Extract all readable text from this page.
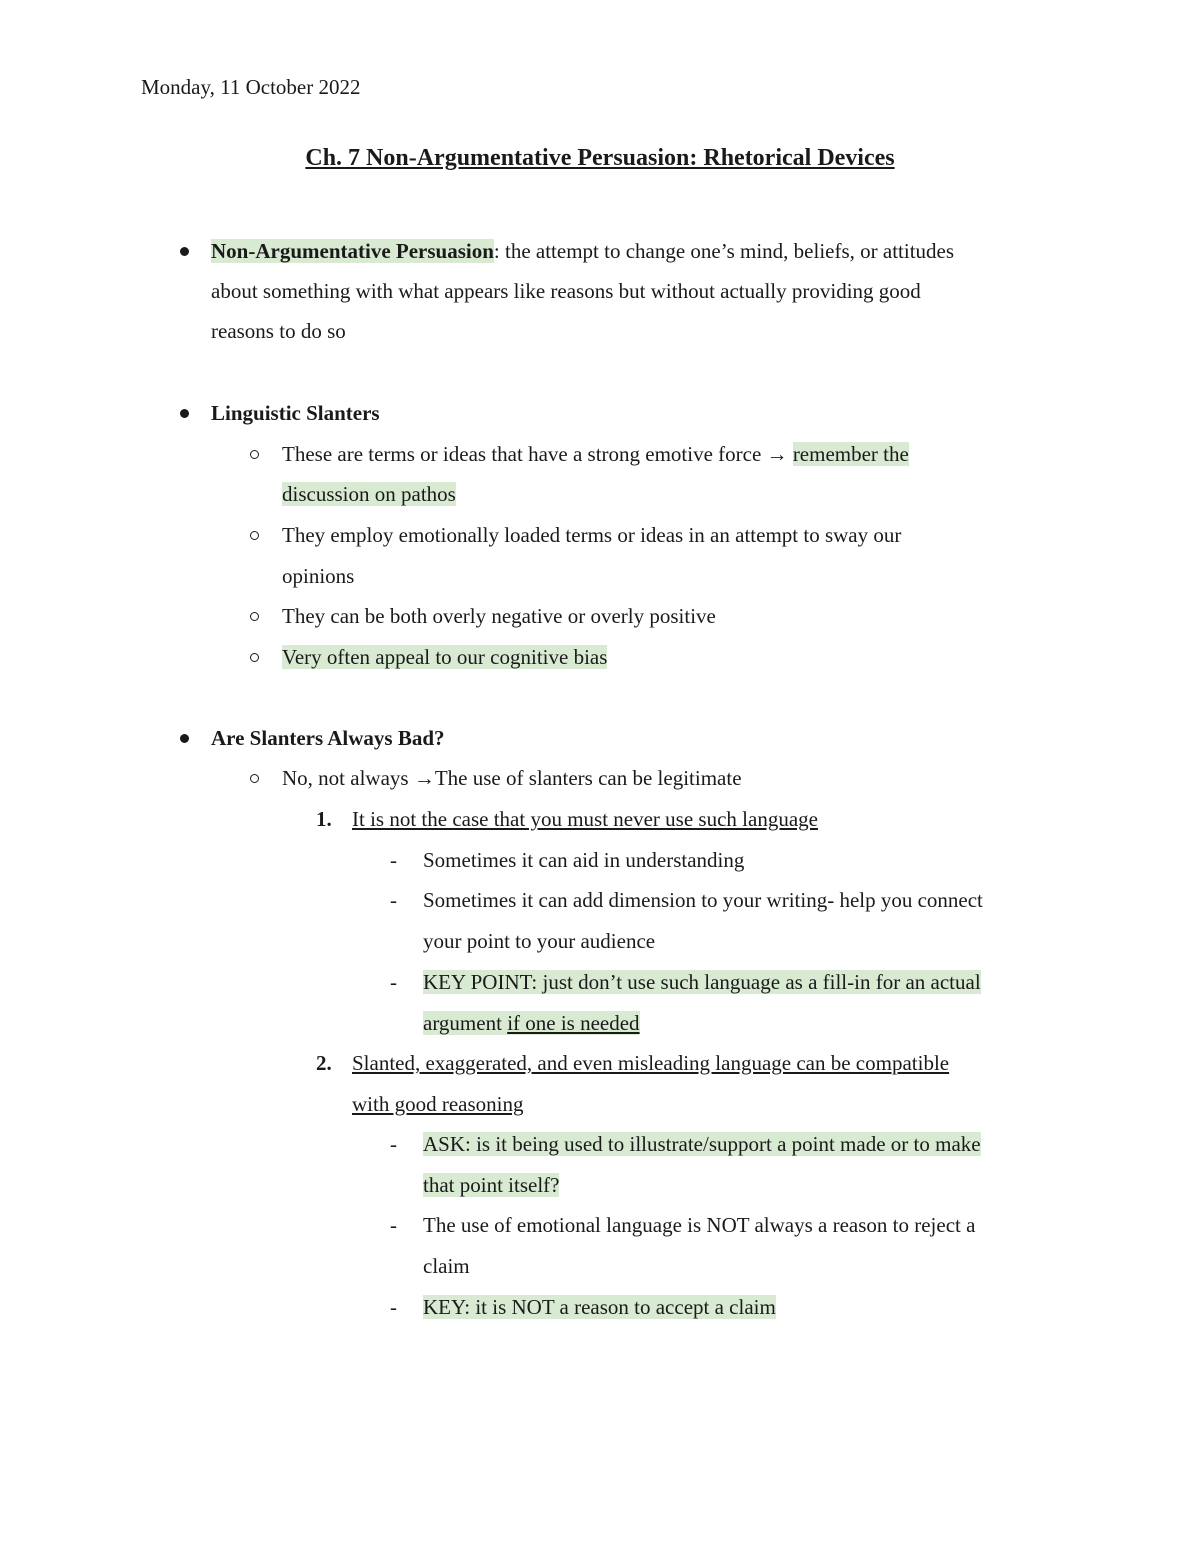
Monday, 11 October 2022
Ch. 7 Non-Argumentative Persuasion: Rhetorical Devices
Non-Argumentative Persuasion: the attempt to change one’s mind, beliefs, or attitudes
about something with what appears like reasons but without actually providing good
reasons to do so
Linguistic Slanters
These are terms or ideas that have a strong emotive force → remember the
discussion on pathos
They employ emotionally loaded terms or ideas in an attempt to sway our
opinions
They can be both overly negative or overly positive
Very often appeal to our cognitive bias
Are Slanters Always Bad?
No, not always →The use of slanters can be legitimate
1. It is not the case that you must never use such language
- Sometimes it can aid in understanding
- Sometimes it can add dimension to your writing- help you connect
your point to your audience
- KEY POINT: just don’t use such language as a fill-in for an actual
argument if one is needed
2. Slanted, exaggerated, and even misleading language can be compatible
with good reasoning
- ASK: is it being used to illustrate/support a point made or to make
that point itself?
- The use of emotional language is NOT always a reason to reject a
claim
- KEY: it is NOT a reason to accept a claim
